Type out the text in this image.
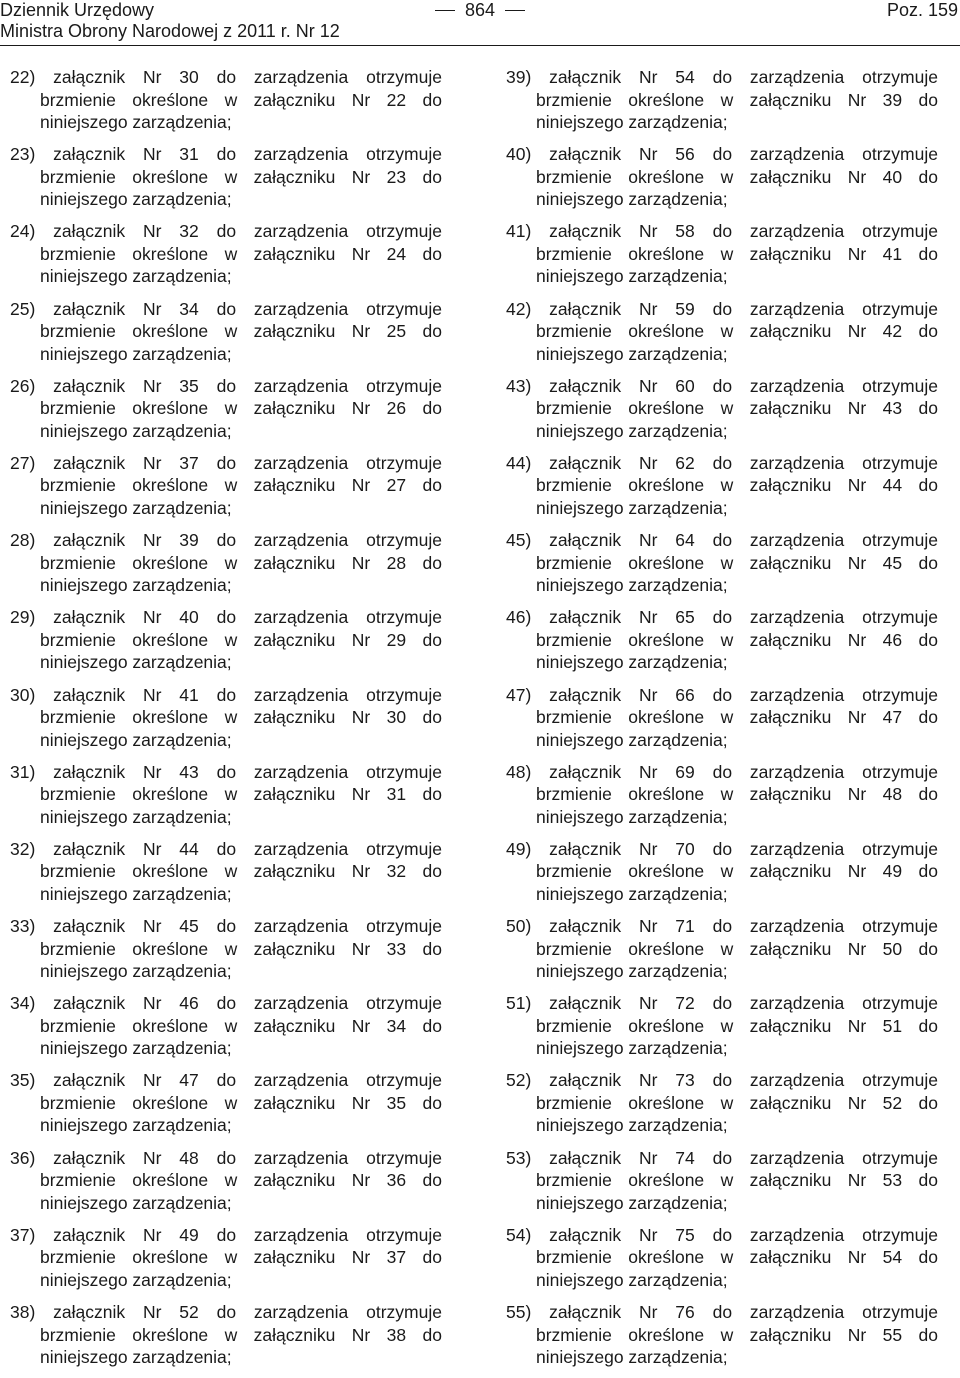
Dziennik Urzędowy
Ministra Obrony Narodowej z 2011 r. Nr 12
864	Poz. 159
22) załącznik Nr 30 do zarządzenia otrzymuje brzmienie określone w załączniku Nr 22 do niniejszego zarządzenia;
23) załącznik Nr 31 do zarządzenia otrzymuje brzmienie określone w załączniku Nr 23 do niniejszego zarządzenia;
24) załącznik Nr 32 do zarządzenia otrzymuje brzmienie określone w załączniku Nr 24 do niniejszego zarządzenia;
25) załącznik Nr 34 do zarządzenia otrzymuje brzmienie określone w załączniku Nr 25 do niniejszego zarządzenia;
26) załącznik Nr 35 do zarządzenia otrzymuje brzmienie określone w załączniku Nr 26 do niniejszego zarządzenia;
27) załącznik Nr 37 do zarządzenia otrzymuje brzmienie określone w załączniku Nr 27 do niniejszego zarządzenia;
28) załącznik Nr 39 do zarządzenia otrzymuje brzmienie określone w załączniku Nr 28 do niniejszego zarządzenia;
29) załącznik Nr 40 do zarządzenia otrzymuje brzmienie określone w załączniku Nr 29 do niniejszego zarządzenia;
30) załącznik Nr 41 do zarządzenia otrzymuje brzmienie określone w załączniku Nr 30 do niniejszego zarządzenia;
31) załącznik Nr 43 do zarządzenia otrzymuje brzmienie określone w załączniku Nr 31 do niniejszego zarządzenia;
32) załącznik Nr 44 do zarządzenia otrzymuje brzmienie określone w załączniku Nr 32 do niniejszego zarządzenia;
33) załącznik Nr 45 do zarządzenia otrzymuje brzmienie określone w załączniku Nr 33 do niniejszego zarządzenia;
34) załącznik Nr 46 do zarządzenia otrzymuje brzmienie określone w załączniku Nr 34 do niniejszego zarządzenia;
35) załącznik Nr 47 do zarządzenia otrzymuje brzmienie określone w załączniku Nr 35 do niniejszego zarządzenia;
36) załącznik Nr 48 do zarządzenia otrzymuje brzmienie określone w załączniku Nr 36 do niniejszego zarządzenia;
37) załącznik Nr 49 do zarządzenia otrzymuje brzmienie określone w załączniku Nr 37 do niniejszego zarządzenia;
38) załącznik Nr 52 do zarządzenia otrzymuje brzmienie określone w załączniku Nr 38 do niniejszego zarządzenia;
39) załącznik Nr 54 do zarządzenia otrzymuje brzmienie określone w załączniku Nr 39 do niniejszego zarządzenia;
40) załącznik Nr 56 do zarządzenia otrzymuje brzmienie określone w załączniku Nr 40 do niniejszego zarządzenia;
41) załącznik Nr 58 do zarządzenia otrzymuje brzmienie określone w załączniku Nr 41 do niniejszego zarządzenia;
42) załącznik Nr 59 do zarządzenia otrzymuje brzmienie określone w załączniku Nr 42 do niniejszego zarządzenia;
43) załącznik Nr 60 do zarządzenia otrzymuje brzmienie określone w załączniku Nr 43 do niniejszego zarządzenia;
44) załącznik Nr 62 do zarządzenia otrzymuje brzmienie określone w załączniku Nr 44 do niniejszego zarządzenia;
45) załącznik Nr 64 do zarządzenia otrzymuje brzmienie określone w załączniku Nr 45 do niniejszego zarządzenia;
46) załącznik Nr 65 do zarządzenia otrzymuje brzmienie określone w załączniku Nr 46 do niniejszego zarządzenia;
47) załącznik Nr 66 do zarządzenia otrzymuje brzmienie określone w załączniku Nr 47 do niniejszego zarządzenia;
48) załącznik Nr 69 do zarządzenia otrzymuje brzmienie określone w załączniku Nr 48 do niniejszego zarządzenia;
49) załącznik Nr 70 do zarządzenia otrzymuje brzmienie określone w załączniku Nr 49 do niniejszego zarządzenia;
50) załącznik Nr 71 do zarządzenia otrzymuje brzmienie określone w załączniku Nr 50 do niniejszego zarządzenia;
51) załącznik Nr 72 do zarządzenia otrzymuje brzmienie określone w załączniku Nr 51 do niniejszego zarządzenia;
52) załącznik Nr 73 do zarządzenia otrzymuje brzmienie określone w załączniku Nr 52 do niniejszego zarządzenia;
53) załącznik Nr 74 do zarządzenia otrzymuje brzmienie określone w załączniku Nr 53 do niniejszego zarządzenia;
54) załącznik Nr 75 do zarządzenia otrzymuje brzmienie określone w załączniku Nr 54 do niniejszego zarządzenia;
55) załącznik Nr 76 do zarządzenia otrzymuje brzmienie określone w załączniku Nr 55 do niniejszego zarządzenia;
